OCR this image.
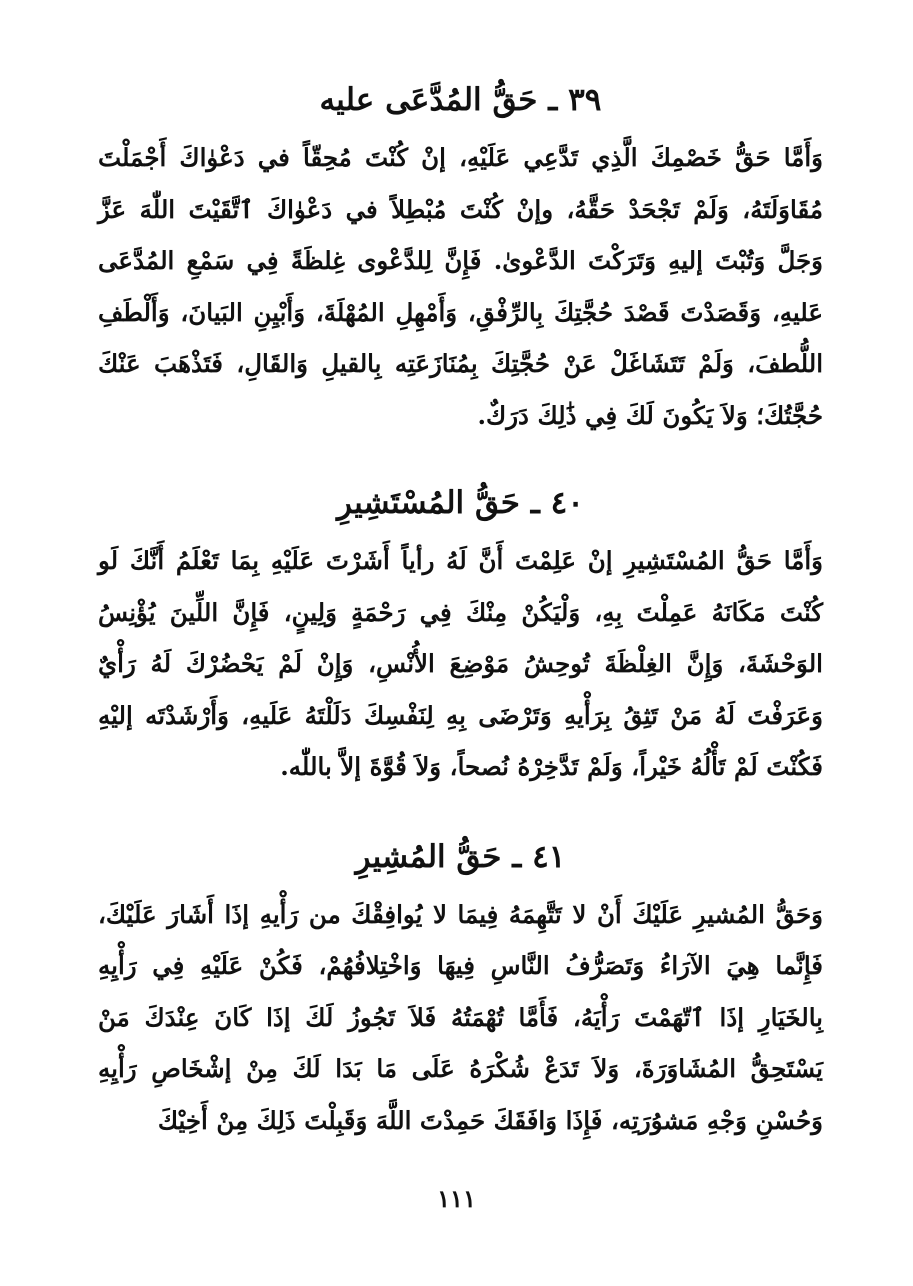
٣٩ ـ حَقُّ المُدَّعَى عليه

وَأَمَّا حَقُّ خَصْمِكَ الَّذِي تَدَّعِي عَلَيْهِ، إنْ كُنْتَ مُحِقّاً في دَعْوٰاكَ أَجْمَلْتَ مُقَاوَلَتَهُ، وَلَمْ تَجْحَدْ حَقَّهُ، وإنْ كُنْتَ مُبْطِلاً في دَعْوٰاكَ ٱتَّقَيْتَ اللّٰهَ عَزَّ وَجَلَّ وَتُبْتَ إليهِ وَتَرَكْتَ الدَّعْوىٰ. فَإِنَّ لِلدَّعْوى غِلظَةً فِي سَمْعِ المُدَّعَى عَليهِ، وَقَصَدْتَ قَصْدَ حُجَّتِكَ بِالرِّفْقِ، وَأَمْهِلِ المُهْلَةَ، وَأَبْيِنِ البَيانَ، وَأَلْطَفِ اللُّطفَ، وَلَمْ تَتَشَاغَلْ عَنْ حُجَّتِكَ بِمُنَازَعَتِه بِالقيلِ وَالقَالِ، فَتَذْهَبَ عَنْكَ حُجَّتُكَ؛ وَلاَ يَكُونَ لَكَ فِي ذَٰلِكَ دَرَكٌ.

٤٠ ـ حَقُّ المُسْتَشِيرِ

وَأَمَّا حَقُّ المُسْتَشِيرِ إنْ عَلِمْتَ أَنَّ لَهُ رأياً أَشَرْتَ عَلَيْهِ بِمَا تَعْلَمُ أَنَّكَ لَو كُنْتَ مَكَانَهُ عَمِلْتَ بِهِ، وَلْيَكُنْ مِنْكَ فِي رَحْمَةٍ وَلِينٍ، فَإِنَّ اللِّينَ يُؤْنِسُ الوَحْشَةَ، وَإِنَّ الغِلْظَةَ تُوحِشُ مَوْضِعَ الأُنْسِ، وَإِنْ لَمْ يَحْضُرْكَ لَهُ رَأْيٌ وَعَرَفْتَ لَهُ مَنْ تَثِقُ بِرَأْيهِ وَتَرْضَى بِهِ لِنَفْسِكَ دَلَلْتَهُ عَلَيهِ، وَأَرْشَدْتَه إليْهِ فَكُنْتَ لَمْ تَأْلُهُ خَيْراً، وَلَمْ تَدَّخِرْهُ نُصحاً، وَلاَ قُوَّةَ إلاَّ باللّٰه.

٤١ ـ حَقُّ المُشِيرِ

وَحَقُّ المُشيرِ عَلَيْكَ أَنْ لا تَتَّهِمَهُ فِيمَا لا يُوافِقْكَ من رَأْيهِ إذَا أَشَارَ عَلَيْكَ، فَإِنَّما هِيَ الآرَاءُ وَتَصَرُّفُ النَّاسِ فِيهَا وَاخْتِلافُهُمْ، فَكُنْ عَلَيْهِ فِي رَأْيِهِ بِالخَيَارِ إذَا ٱتّهَمْتَ رَأْيَهُ، فَأَمَّا تُهْمَتُهُ فَلاَ تَجُوزُ لَكَ إذَا كَانَ عِنْدَكَ مَنْ يَسْتَحِقُّ المُشَاوَرَةَ، وَلاَ تَدَعْ شُكْرَهُ عَلَى مَا بَدَا لَكَ مِنْ إشْخَاصِ رَأْيِهِ وَحُسْنِ وَجْهِ مَشوُرَتِه، فَإِذَا وَافَقَكَ حَمِدْتَ اللَّهَ وَقَبِلْتَ ذَلِكَ مِنْ أَخِيْكَ

١١١
